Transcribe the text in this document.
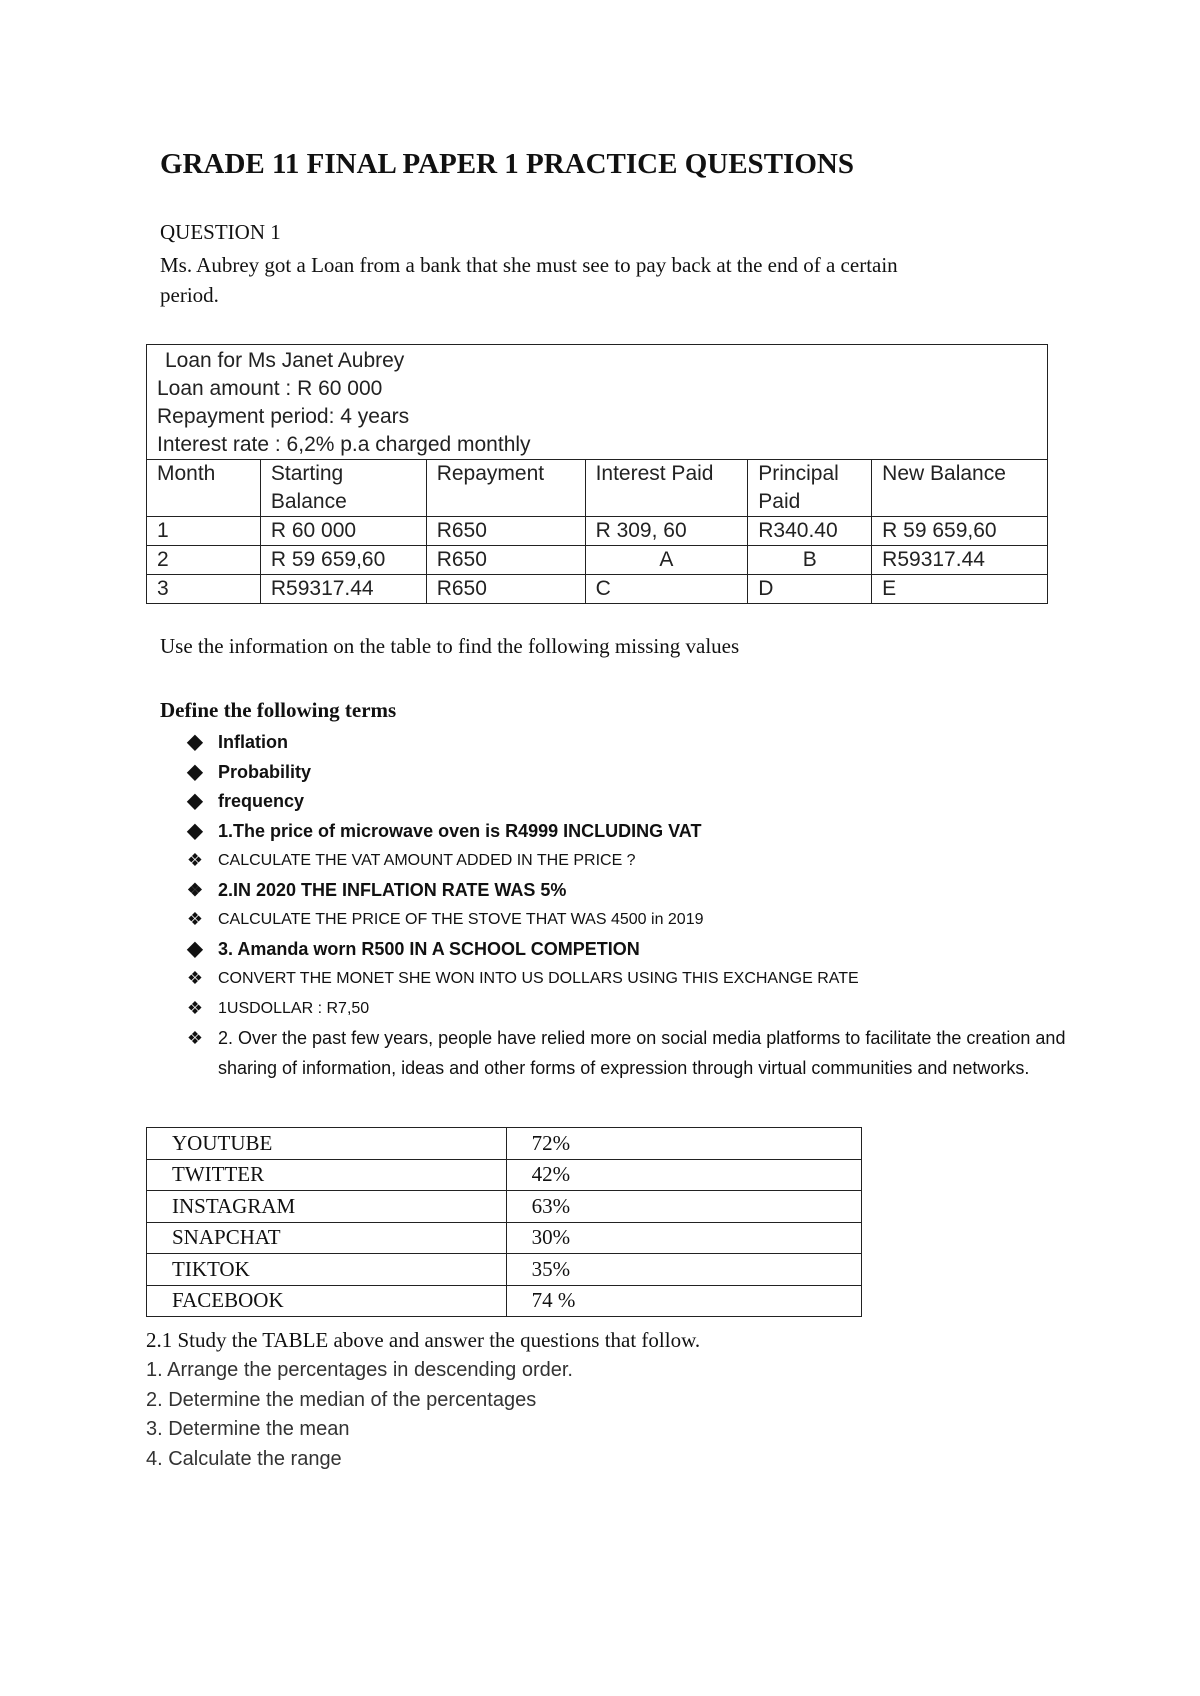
GRADE 11 FINAL PAPER 1 PRACTICE QUESTIONS
QUESTION 1
Ms. Aubrey got a Loan from a bank that she must see to pay back at the end of a certain period.
Loan for Ms Janet Aubrey
Loan amount : R 60 000
Repayment period: 4 years
Interest rate : 6,2% p.a charged monthly					

Month	Starting Balance	Repayment	Interest Paid	Principal Paid	New Balance
1	R 60 000	R650	R 309, 60	R340.40	R 59 659,60
2	R 59 659,60	R650	A	B	R59317.44
3	R59317.44	R650	C	D	E
Use the information on the table to find the following missing values
Define the following terms
◆ Inflation
◆ Probability
◆ frequency
◆ 1.The price of microwave oven is R4999 INCLUDING VAT
❖ CALCULATE THE VAT AMOUNT ADDED IN THE PRICE ?
❖ 2.IN 2020 THE INFLATION RATE WAS 5%
❖ CALCULATE THE PRICE OF THE STOVE THAT WAS 4500 in 2019
◆ 3. Amanda worn R500 IN A SCHOOL COMPETION
❖ CONVERT THE MONET SHE WON INTO US DOLLARS USING THIS EXCHANGE RATE
❖ 1USDOLLAR : R7,50
❖ 2. Over the past few years, people have relied more on social media platforms to facilitate the creation and sharing of information, ideas and other forms of expression through virtual communities and networks.
YOUTUBE	72%
TWITTER	42%
INSTAGRAM	63%
SNAPCHAT	30%
TIKTOK	35%
FACEBOOK	74 %
2.1 Study the TABLE above and answer the questions that follow.
1. Arrange the percentages in descending order.
2. Determine the median of the percentages
3. Determine the mean
4. Calculate the range
